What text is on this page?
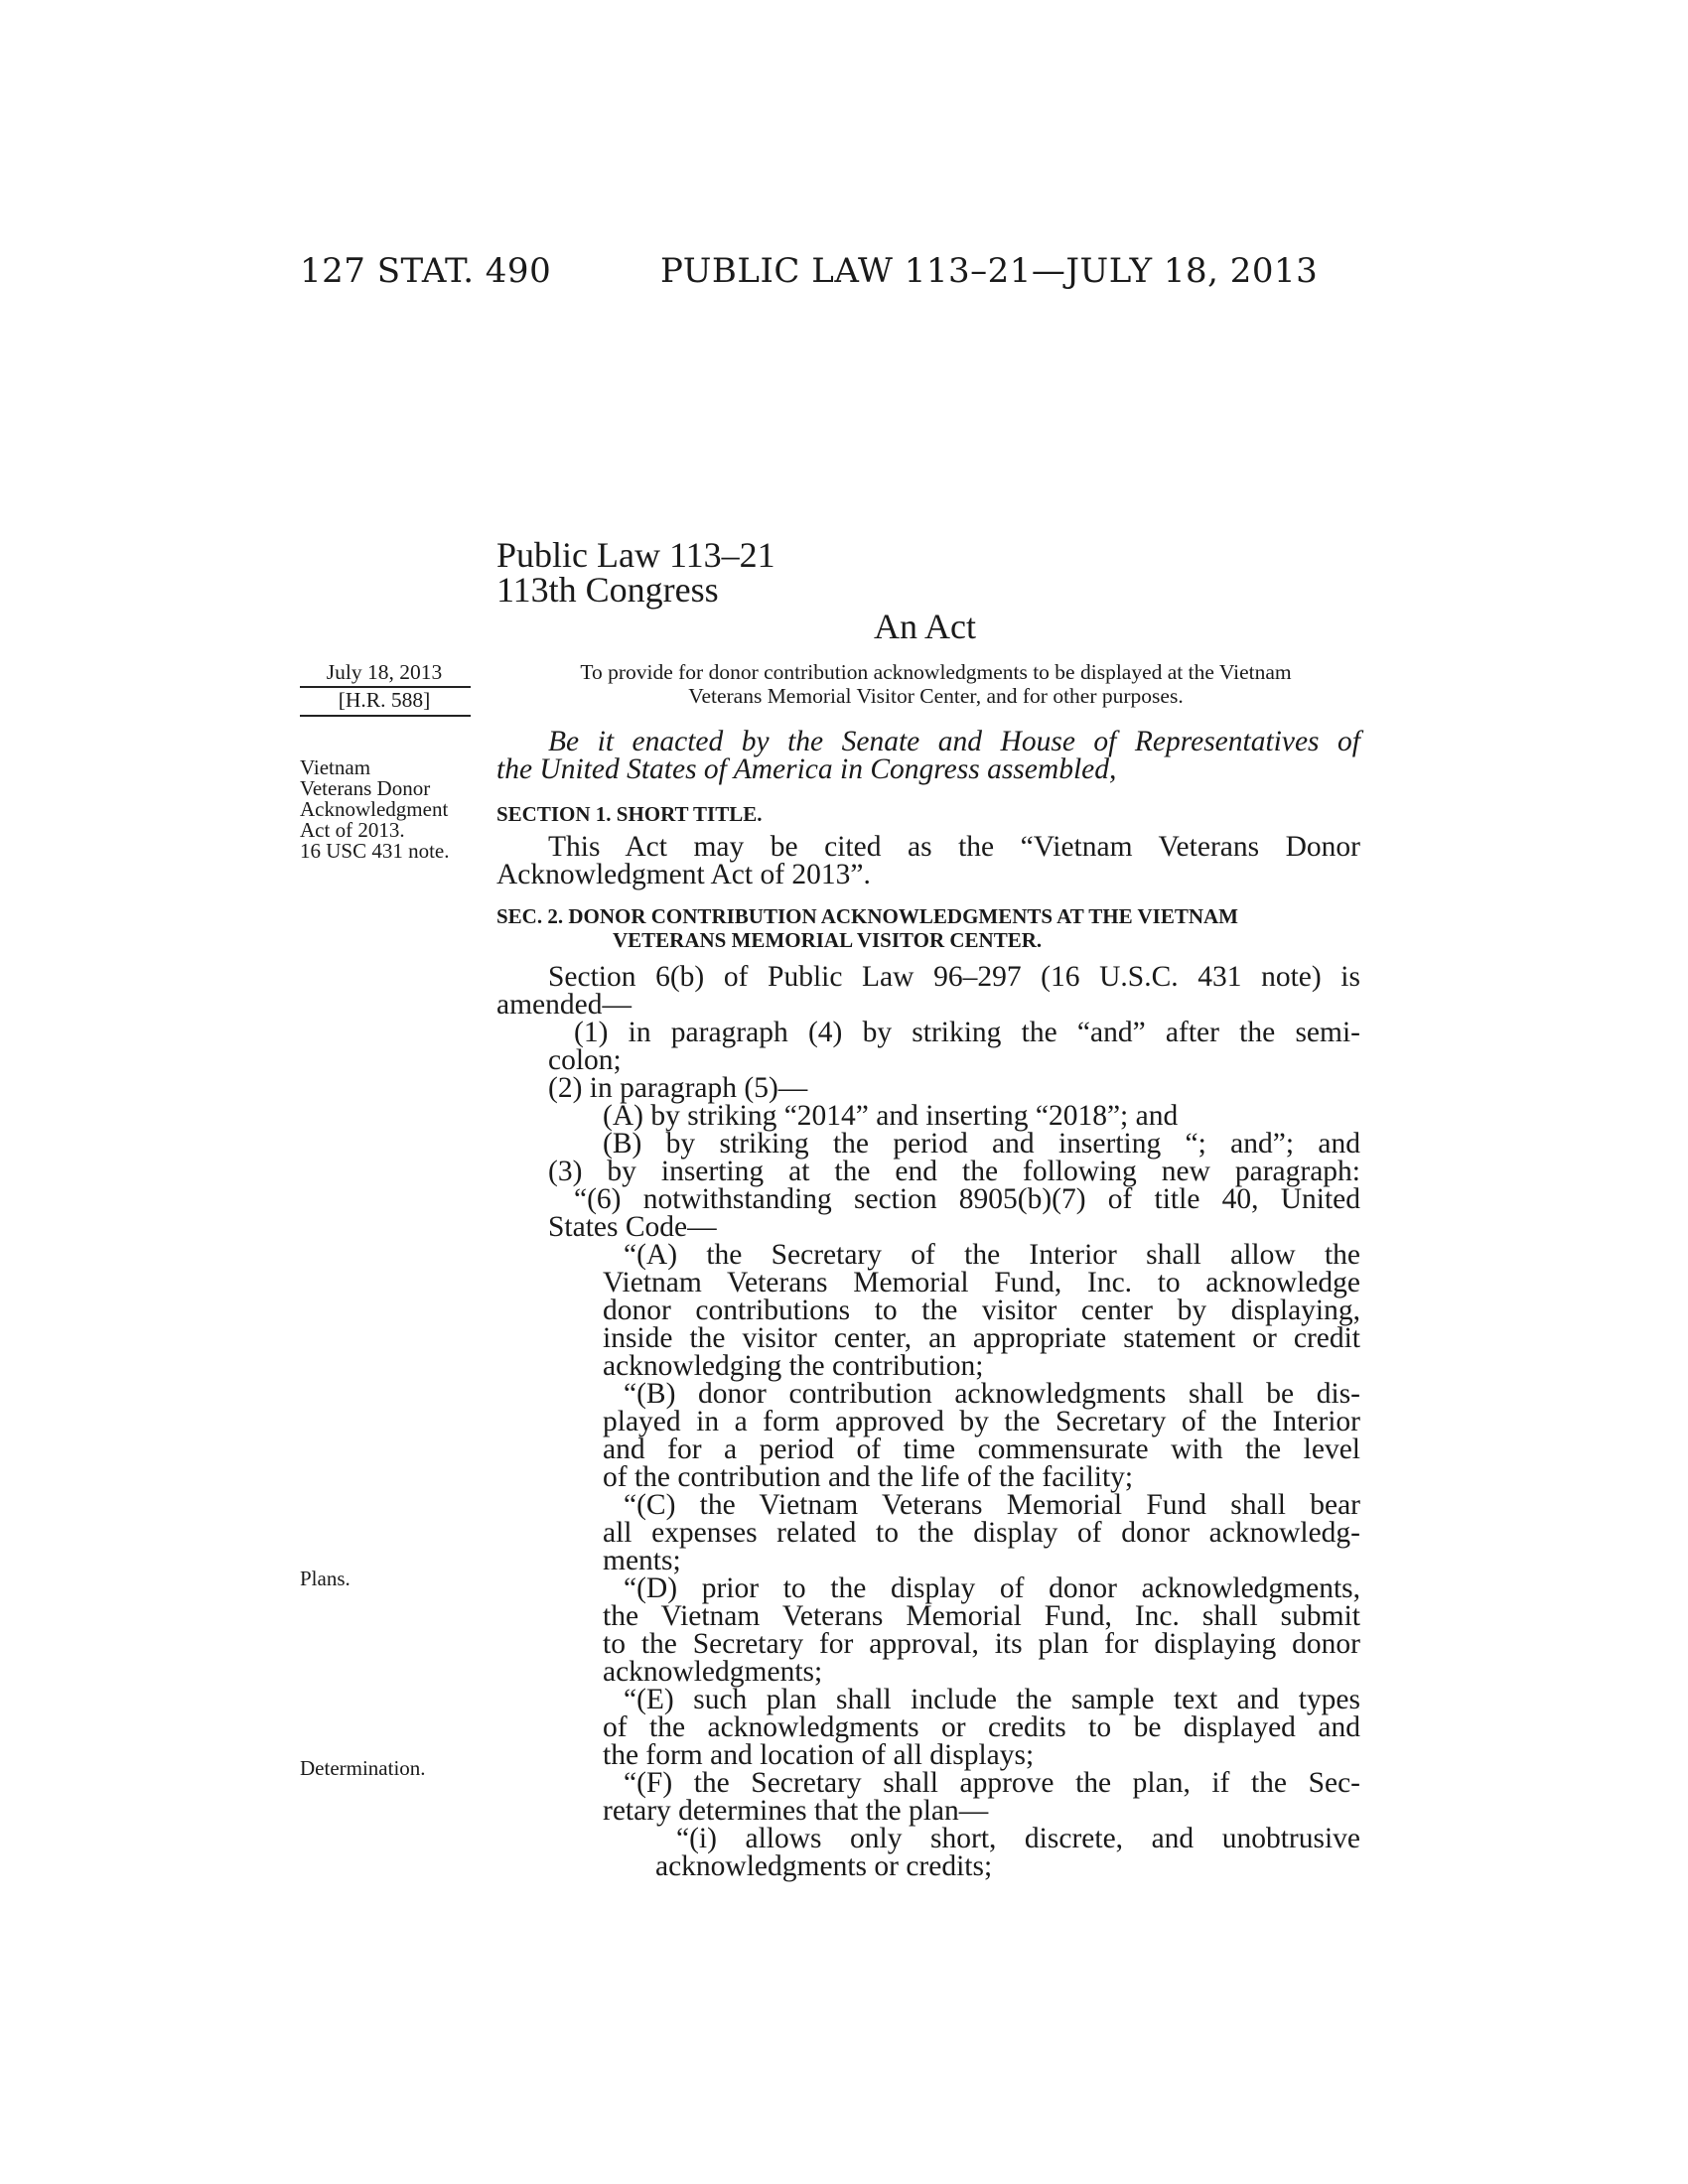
127 STAT. 490	PUBLIC LAW 113–21—JULY 18, 2013
Public Law 113–21
113th Congress
An Act
July 18, 2013
[H.R. 588]
To provide for donor contribution acknowledgments to be displayed at the Vietnam
Veterans Memorial Visitor Center, and for other purposes.
Be it enacted by the Senate and House of Representatives of
the United States of America in Congress assembled,
Vietnam
Veterans Donor
Acknowledgment
Act of 2013.
16 USC 431 note.
SECTION 1. SHORT TITLE.
This Act may be cited as the “Vietnam Veterans Donor
Acknowledgment Act of 2013”.
SEC. 2. DONOR CONTRIBUTION ACKNOWLEDGMENTS AT THE VIETNAM
VETERANS MEMORIAL VISITOR CENTER.
Section 6(b) of Public Law 96–297 (16 U.S.C. 431 note) is
amended—
(1) in paragraph (4) by striking the “and” after the semi-
colon;
(2) in paragraph (5)—
(A) by striking “2014” and inserting “2018”; and
(B) by striking the period and inserting “; and”; and
(3) by inserting at the end the following new paragraph:
“(6) notwithstanding section 8905(b)(7) of title 40, United
States Code—
“(A) the Secretary of the Interior shall allow the
Vietnam Veterans Memorial Fund, Inc. to acknowledge
donor contributions to the visitor center by displaying,
inside the visitor center, an appropriate statement or credit
acknowledging the contribution;
“(B) donor contribution acknowledgments shall be dis-
played in a form approved by the Secretary of the Interior
and for a period of time commensurate with the level
of the contribution and the life of the facility;
“(C) the Vietnam Veterans Memorial Fund shall bear
all expenses related to the display of donor acknowledg-
ments;
“(D) prior to the display of donor acknowledgments,
the Vietnam Veterans Memorial Fund, Inc. shall submit
to the Secretary for approval, its plan for displaying donor
acknowledgments;
“(E) such plan shall include the sample text and types
of the acknowledgments or credits to be displayed and
the form and location of all displays;
“(F) the Secretary shall approve the plan, if the Sec-
retary determines that the plan—
“(i) allows only short, discrete, and unobtrusive
acknowledgments or credits;
Plans.
Determination.
